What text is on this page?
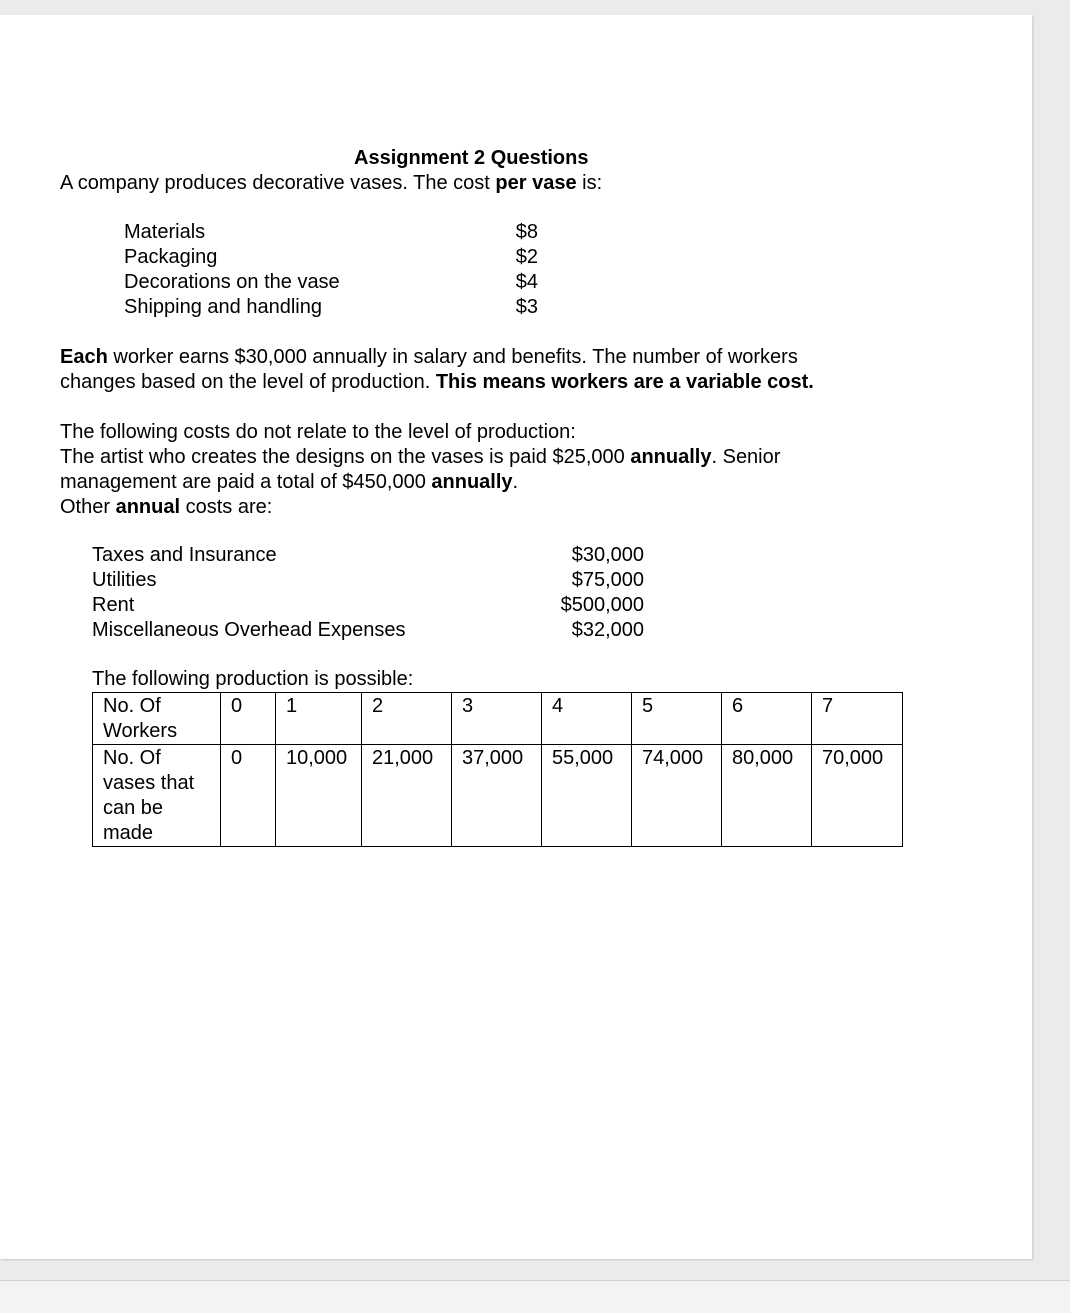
Assignment 2 Questions

A company produces decorative vases. The cost per vase is:

Materials	$8
Packaging	$2
Decorations on the vase	$4
Shipping and handling	$3
Each worker earns $30,000 annually in salary and benefits. The number of workers
changes based on the level of production. This means workers are a variable cost.
The following costs do not relate to the level of production:
The artist who creates the designs on the vases is paid $25,000 annually. Senior
management are paid a total of $450,000 annually.
Other annual costs are:
Taxes and Insurance	$30,000
Utilities	$75,000
Rent	$500,000
Miscellaneous Overhead Expenses	$32,000
The following production is possible:
No. Of Workers	0	1	2	3	4	5	6	7
No. Of vases that can be made	0	10,000	21,000	37,000	55,000	74,000	80,000	70,000
